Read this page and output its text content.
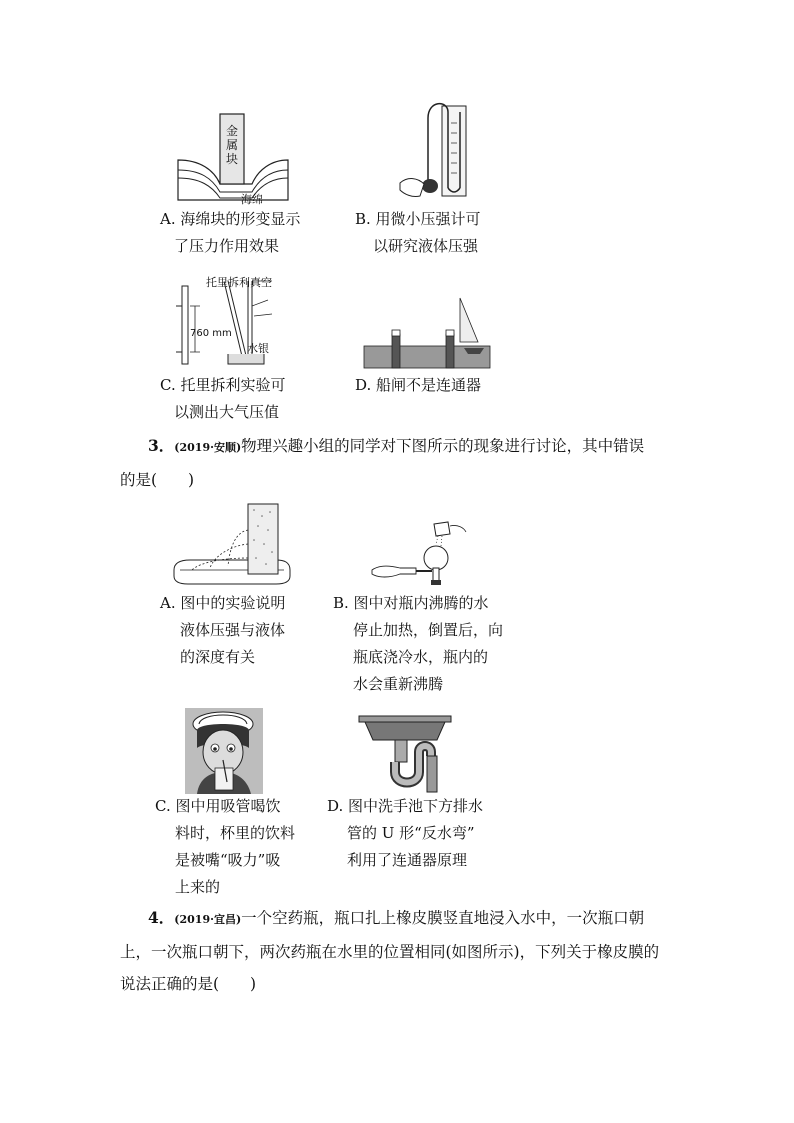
金属块
海绵
托里拆利真空
760 mm
水银
A. 海绵块的形变显示
了压力作用效果
B. 用微小压强计可
以研究液体压强
C. 托里拆利实验可
以测出大气压值
D. 船闸不是连通器
3．(2019·安顺)物理兴趣小组的同学对下图所示的现象进行讨论，其中错误
的是(　　)
A. 图中的实验说明
液体压强与液体
的深度有关
B. 图中对瓶内沸腾的水
停止加热，倒置后，向
瓶底浇冷水，瓶内的
水会重新沸腾
C. 图中用吸管喝饮
料时，杯里的饮料
是被嘴“吸力”吸
上来的
D. 图中洗手池下方排水
管的 U 形“反水弯”
利用了连通器原理
4．(2019·宜昌)一个空药瓶，瓶口扎上橡皮膜竖直地浸入水中，一次瓶口朝
上，一次瓶口朝下，两次药瓶在水里的位置相同(如图所示)，下列关于橡皮膜的
说法正确的是(　　)
